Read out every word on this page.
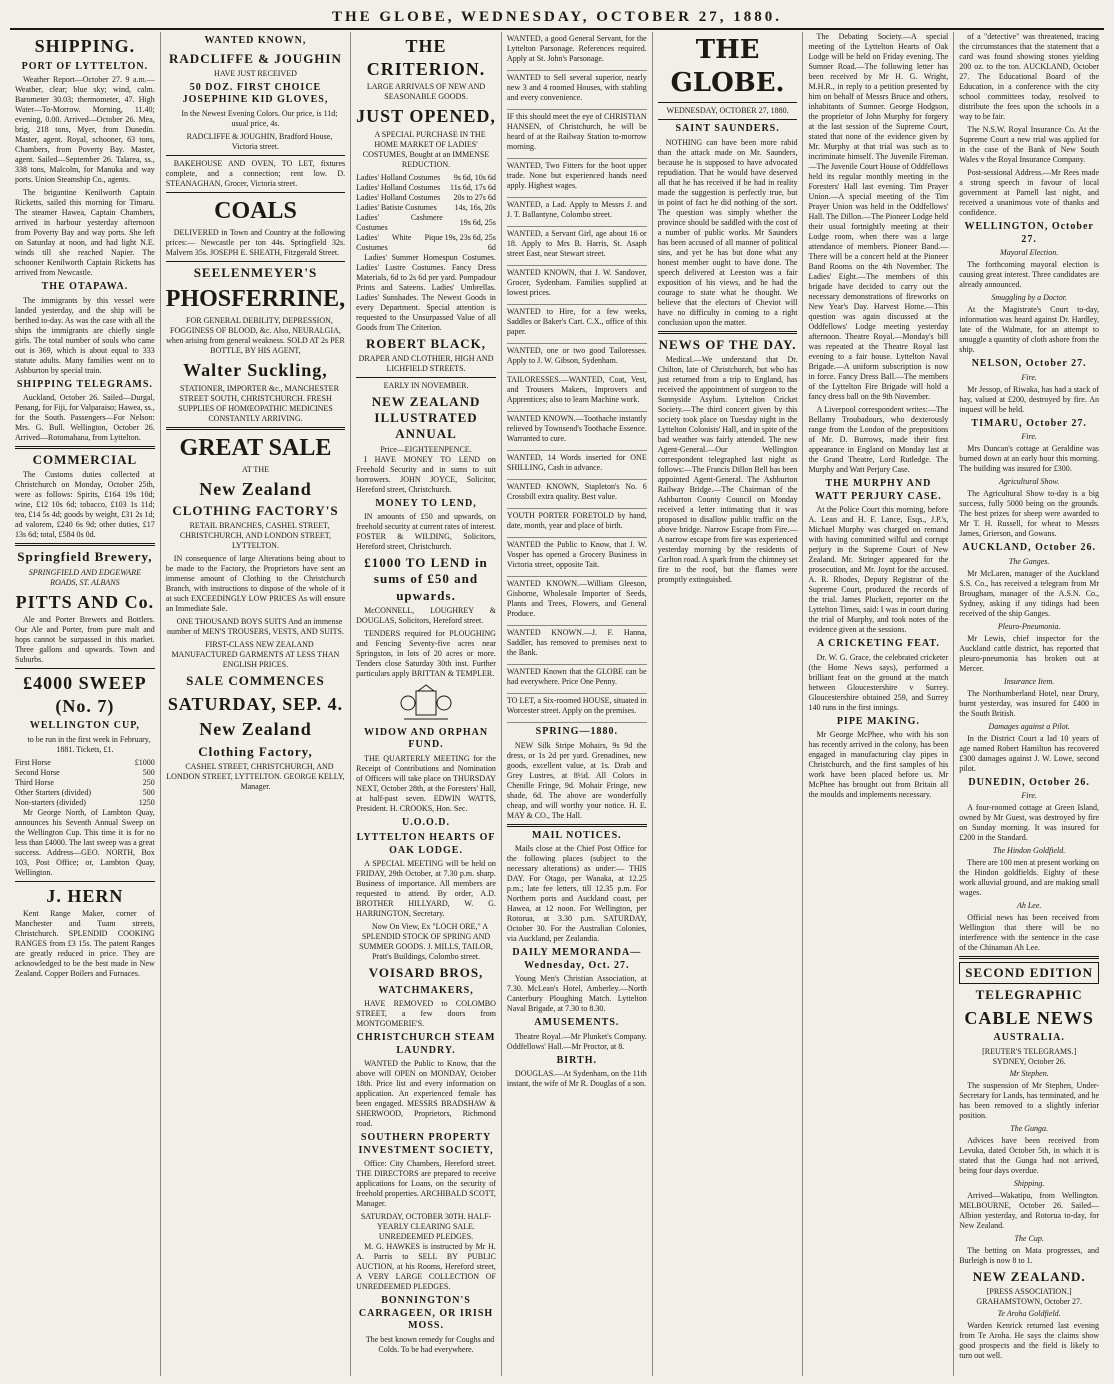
THE GLOBE, WEDNESDAY, OCTOBER 27, 1880.
SHIPPING.
PORT OF LYTTELTON.

Weather Report—October 27. 9 a.m.—Weather, clear; blue sky; wind, calm. Barometer 30.03; thermometer, 47. High Water—To-Morrow. Morning, 11.40; evening, 0.00. Arrived—October 26. Mea, brig, 218 tons, Myer, from Dunedin. Master, agent. Royal, schooner, 63 tons, Chambers, from Poverty Bay. Master, agent. Sailed—September 26. Talarea, ss., 338 tons, Malcolm, for Manuka and way ports. Union Steamship Co., agents.

The brigantine Kenilworth Captain Ricketts, sailed this morning for Timaru. The steamer Hawea, Captain Chambers, arrived in harbour yesterday afternoon from Poverty Bay and way ports. She left on Saturday at noon, and had light N.E. winds till she reached Napier. The schooner Kenilworth Captain Ricketts has arrived from Newcastle.

THE OTAPAWA.

The immigrants by this vessel were landed yesterday, and the ship will be berthed to-day. As was the case with all the ships the immigrants are chiefly single girls. The total number of souls who came out is 369, which is about equal to 333 statute adults. Many families went on to Ashburton by special train.

SHIPPING TELEGRAMS.

Auckland, October 26. Sailed—Durgal, Penang, for Fiji, for Valparaiso; Hawea, ss., for the South. Passengers—For Nelson: Mrs. G. Bull. Wellington, October 26. Arrived—Rotomahana, from Lyttelton.

COMMERCIAL

The Customs duties collected at Christchurch on Monday, October 25th, were as follows: Spirits, £164 19s 10d; wine, £12 10s 6d; tobacco, £103 1s 11d; tea, £14 5s 4d; goods by weight, £31 2s 1d; ad valorem, £240 6s 9d; other duties, £17 13s 6d; total, £584 0s 0d.

Springfield Brewery,
SPRINGFIELD AND EDGEWARE ROADS, ST. ALBANS
PITTS AND Co.

Ale and Porter Brewers and Bottlers. Our Ale and Porter, from pure malt and hops cannot be surpassed in this market. Three gallons and upwards. Town and Suburbs.

£4000 SWEEP (No. 7)
WELLINGTON CUP,

to be run in the first week in February, 1881. Tickets, £1.

First Horse	£1000
Second Horse	500
Third Horse	250
Other Starters (divided)	500
Non-starters (divided)	1250

Mr George North, of Lambton Quay, announces his Seventh Annual Sweep on the Wellington Cup. This time it is for no less than £4000. The last sweep was a great success. Address—GEO. NORTH, Box 103, Post Office; or, Lambton Quay, Wellington.

J. HERN

Kent Range Maker, corner of Manchester and Tuam streets, Christchurch. SPLENDID COOKING RANGES from £3 15s. The patent Ranges are greatly reduced in price. They are acknowledged to be the best made in New Zealand. Copper Boilers and Furnaces.

WANTED KNOWN,
RADCLIFFE & JOUGHIN
HAVE JUST RECEIVED
50 DOZ. FIRST CHOICE JOSEPHINE KID GLOVES,

In the Newest Evening Colors. Our price, is 11d; usual price, 4s.

RADCLIFFE & JOUGHIN, Bradford House, Victoria street.

BAKEHOUSE AND OVEN, TO LET, fixtures complete, and a connection; rent low. D. STEANAGHAN, Grocer, Victoria street.

COALS

DELIVERED in Town and Country at the following prices:— Newcastle per ton 44s. Springfield 32s. Malvern 35s. JOSEPH E. SHEATH, Fitzgerald Street.

SEELENMEYER'S
PHOSFERRINE,

FOR GENERAL DEBILITY, DEPRESSION, FOGGINESS OF BLOOD, &c. Also, NEURALGIA, when arising from general weakness. SOLD AT 2s PER BOTTLE, BY HIS AGENT,

Walter Suckling,

STATIONER, IMPORTER &c., MANCHESTER STREET SOUTH, CHRISTCHURCH. FRESH SUPPLIES OF HOMŒOPATHIC MEDICINES CONSTANTLY ARRIVING.

GREAT SALE
AT THE
New Zealand
CLOTHING FACTORY'S

RETAIL BRANCHES, CASHEL STREET, CHRISTCHURCH, AND LONDON STREET, LYTTELTON.

IN consequence of large Alterations being about to be made to the Factory, the Proprietors have sent an immense amount of Clothing to the Christchurch Branch, with instructions to dispose of the whole of it at such EXCEEDINGLY LOW PRICES As will ensure an Immediate Sale.

ONE THOUSAND BOYS SUITS And an immense number of MEN'S TROUSERS, VESTS, AND SUITS.

FIRST-CLASS NEW ZEALAND MANUFACTURED GARMENTS AT LESS THAN ENGLISH PRICES.

SALE COMMENCES
SATURDAY, SEP. 4.
New Zealand
Clothing Factory,

CASHEL STREET, CHRISTCHURCH, AND LONDON STREET, LYTTELTON. GEORGE KELLY, Manager.

THE CRITERION.
LARGE ARRIVALS OF NEW AND SEASONABLE GOODS.
JUST OPENED,

A SPECIAL PURCHASE IN THE HOME MARKET OF LADIES' COSTUMES, Bought at an IMMENSE REDUCTION.

Ladies' Holland Costumes	9s 6d, 10s 6d
Ladies' Holland Costumes	11s 6d, 17s 6d
Ladies' Holland Costumes	20s to 27s 6d
Ladies' Batiste Costumes	14s, 16s, 20s
Ladies' Cashmere Costumes	19s 6d, 25s
Ladies' White Pique Costumes	19s, 23s 6d, 25s 6d

Ladies' Summer Homespun Costumes. Ladies' Lustre Costumes. Fancy Dress Materials, 6d to 2s 6d per yard. Pompadour Prints and Sateens. Ladies' Umbrellas. Ladies' Sunshades. The Newest Goods in every Department. Special attention is requested to the Unsurpassed Value of all Goods from The Criterion.

ROBERT BLACK,
DRAPER AND CLOTHIER, HIGH AND LICHFIELD STREETS.
EARLY IN NOVEMBER.
NEW ZEALAND ILLUSTRATED ANNUAL
Price—EIGHTEENPENCE.

I HAVE MONEY TO LEND on Freehold Security and in sums to suit borrowers. JOHN JOYCE, Solicitor, Hereford street, Christchurch.

MONEY TO LEND,

IN amounts of £50 and upwards, on freehold security at current rates of interest. FOSTER & WILDING, Solicitors, Hereford street, Christchurch.

£1000 TO LEND in sums of £50 and upwards.

McCONNELL, LOUGHREY & DOUGLAS, Solicitors, Hereford street.

TENDERS required for PLOUGHING and Fencing Seventy-five acres near Springston, in lots of 20 acres or more. Tenders close Saturday 30th inst. Further particulars apply BRITTAN & TEMPLER.

WIDOW AND ORPHAN FUND.

THE QUARTERLY MEETING for the Receipt of Contributions and Nomination of Officers will take place on THURSDAY NEXT, October 28th, at the Foresters' Hall, at half-past seven. EDWIN WATTS, President. H. CROOKS, Hon. Sec.

U.O.O.D.
LYTTELTON HEARTS OF OAK LODGE.

A SPECIAL MEETING will be held on FRIDAY, 29th October, at 7.30 p.m. sharp. Business of importance. All members are requested to attend. By order, A.D. BROTHER HILLYARD, W. G. HARRINGTON, Secretary.

Now On View, Ex "LOCH ORE," A SPLENDID STOCK OF SPRING AND SUMMER GOODS. J. MILLS, TAILOR, Pratt's Buildings, Colombo street.

VOISARD BROS,
WATCHMAKERS,

HAVE REMOVED to COLOMBO STREET, a few doors from MONTGOMERIE'S.

CHRISTCHURCH STEAM LAUNDRY.

WANTED the Public to Know, that the above will OPEN on MONDAY, October 18th. Price list and every information on application. An experienced female has been engaged. MESSRS BRADSHAW & SHERWOOD, Proprietors, Richmond road.

SOUTHERN PROPERTY INVESTMENT SOCIETY,

Office: City Chambers, Hereford street. THE DIRECTORS are prepared to receive applications for Loans, on the security of freehold properties. ARCHIBALD SCOTT, Manager.

SATURDAY, OCTOBER 30TH. HALF-YEARLY CLEARING SALE. UNREDEEMED PLEDGES.

M. G. HAWKES is instructed by Mr H. A. Parris to SELL BY PUBLIC AUCTION, at his Rooms, Hereford street, A VERY LARGE COLLECTION OF UNREDEEMED PLEDGES.

BONNINGTON'S CARRAGEEN, OR IRISH MOSS.

The best known remedy for Coughs and Colds. To be had everywhere.

WANTED, a good General Servant, for the Lyttelton Parsonage. References required. Apply at St. John's Parsonage.

WANTED to Sell several superior, nearly new 3 and 4 roomed Houses, with stabling and every convenience.

IF this should meet the eye of CHRISTIAN HANSEN, of Christchurch, he will be heard of at the Railway Station to-morrow morning.

WANTED, Two Fitters for the boot upper trade. None but experienced hands need apply. Highest wages.

WANTED, a Lad. Apply to Messrs J. and J. T. Ballantyne, Colombo street.

WANTED, a Servant Girl, age about 16 or 18. Apply to Mrs B. Harris, St. Asaph street East, near Stewart street.

WANTED KNOWN, that J. W. Sandover, Grocer, Sydenham. Families supplied at lowest prices.

WANTED to Hire, for a few weeks, Saddles or Baker's Cart. C.X., office of this paper.

WANTED, one or two good Tailoresses. Apply to J. W. Gibson, Sydenham.

TAILORESSES.—WANTED, Coat, Vest, and Trousers Makers, Improvers and Apprentices; also to learn Machine work.

WANTED KNOWN.—Toothache instantly relieved by Townsend's Toothache Essence. Warranted to cure.

WANTED, 14 Words inserted for ONE SHILLING, Cash in advance.

WANTED KNOWN, Stapleton's No. 6 Crossbill extra quality. Best value.

YOUTH PORTER FORETOLD by hand, date, month, year and place of birth.

WANTED the Public to Know, that J. W. Vosper has opened a Grocery Business in Victoria street, opposite Tait.

WANTED KNOWN.—William Gleeson, Gisborne, Wholesale Importer of Seeds, Plants and Trees, Flowers, and General Produce.

WANTED KNOWN.—J. F. Hanna, Saddler, has removed to premises next to the Bank.

WANTED Known that the GLOBE can be had everywhere. Price One Penny.

TO LET, a Six-roomed HOUSE, situated in Worcester street. Apply on the premises.

SPRING—1880.

NEW Silk Stripe Mohairs, 9s 9d the dress, or 1s 2d per yard. Grenadines, new goods, excellent value, at 1s. Drab and Grey Lustres, at 8½d. All Colors in Chenille Fringe, 9d. Mohair Fringe, new shade, 6d. The above are wonderfully cheap, and will worthy your notice. H. E. MAY & CO., The Hall.

MAIL NOTICES.

Mails close at the Chief Post Office for the following places (subject to the necessary alterations) as under:— THIS DAY. For Otago, per Wanaka, at 12.25 p.m.; late fee letters, till 12.35 p.m. For Northern ports and Auckland coast, per Hawea, at 12 noon. For Wellington, per Rotorua, at 3.30 p.m. SATURDAY, October 30. For the Australian Colonies, via Auckland, per Zealandia.

DAILY MEMORANDA—Wednesday, Oct. 27.

Young Men's Christian Association, at 7.30. McLean's Hotel, Amberley.—North Canterbury Ploughing Match. Lyttelton Naval Brigade, at 7.30 to 8.30.

AMUSEMENTS.

Theatre Royal.—Mr Plunket's Company. Oddfellows' Hall.—Mr Proctor, at 8.

BIRTH.

DOUGLAS.—At Sydenham, on the 11th instant, the wife of Mr R. Douglas of a son.

THE GLOBE.
WEDNESDAY, OCTOBER 27, 1880.
SAINT SAUNDERS.

NOTHING can have been more rabid than the attack made on Mr. Saunders, because he is supposed to have advocated repudiation. That he would have deserved all that he has received if he had in reality made the suggestion is perfectly true, but in point of fact he did nothing of the sort. The question was simply whether the province should be saddled with the cost of a number of public works. Mr Saunders has been accused of all manner of political sins, and yet he has but done what any honest member ought to have done. The speech delivered at Leeston was a fair exposition of his views, and he had the courage to state what he thought. We believe that the electors of Cheviot will have no difficulty in coming to a right conclusion upon the matter.

NEWS OF THE DAY.

Medical.—We understand that Dr. Chilton, late of Christchurch, but who has just returned from a trip to England, has received the appointment of surgeon to the Sunnyside Asylum. Lyttelton Cricket Society.—The third concert given by this society took place on Tuesday night in the Lyttelton Colonists' Hall, and in spite of the bad weather was fairly attended. The new Agent-General.—Our Wellington correspondent telegraphed last night as follows:—The Francis Dillon Bell has been appointed Agent-General. The Ashburton Railway Bridge.—The Chairman of the Ashburton County Council on Monday received a letter intimating that it was proposed to disallow public traffic on the above bridge. Narrow Escape from Fire.—A narrow escape from fire was experienced yesterday morning by the residents of Carlton road. A spark from the chimney set fire to the roof, but the flames were promptly extinguished.

The Debating Society.—A special meeting of the Lyttelton Hearts of Oak Lodge will be held on Friday evening. The Sumner Road.—The following letter has been received by Mr H. G. Wright, M.H.R., in reply to a petition presented by him on behalf of Messrs Bruce and others, inhabitants of Sumner. George Hodgson, the proprietor of John Murphy for forgery at the last session of the Supreme Court, stated that none of the evidence given by Mr. Murphy at that trial was such as to incriminate himself. The Juvenile Fireman.—The Juvenile Court House of Oddfellows held its regular monthly meeting in the Foresters' Hall last evening. Tim Prayer Union.—A special meeting of the Tim Prayer Union was held in the Oddfellows' Hall. The Dillon.—The Pioneer Lodge held their usual fortnightly meeting at their Lodge room, when there was a large attendance of members. Pioneer Band.—There will be a concert held at the Pioneer Band Rooms on the 4th November. The Ladies' Eight.—The members of this brigade have decided to carry out the necessary demonstrations of fireworks on New Year's Day. Harvest Home.—This question was again discussed at the Oddfellows' Lodge meeting yesterday afternoon. Theatre Royal.—Monday's bill was repeated at the Theatre Royal last evening to a fair house. Lyttelton Naval Brigade.—A uniform subscription is now in force. Fancy Dress Ball.—The members of the Lyttelton Fire Brigade will hold a fancy dress ball on the 9th November.

A Liverpool correspondent writes:—The Bellamy Troubadours, who dexterously range from the London of the prepositions of Mr. D. Burrows, made their first appearance in England on Monday last at the Grand Theatre, Lord Rutledge. The Murphy and Watt Perjury Case.

THE MURPHY AND WATT PERJURY CASE.

At the Police Court this morning, before A. Lean and H. F. Lance, Esqs., J.P.'s, Michael Murphy was charged on remand with having committed wilful and corrupt perjury in the Supreme Court of New Zealand. Mr. Stringer appeared for the prosecution, and Mr. Joynt for the accused. A. R. Rhodes, Deputy Registrar of the Supreme Court, produced the records of the trial. James Pluckett, reporter on the Lyttelton Times, said: I was in court during the trial of Murphy, and took notes of the evidence given at the sessions.

A CRICKETING FEAT.

Dr. W. G. Grace, the celebrated cricketer (the Home News says), performed a brilliant feat on the ground at the match between Gloucestershire v Surrey. Gloucestershire obtained 259, and Surrey 140 runs in the first innings.

PIPE MAKING.

Mr George McPhee, who with his son has recently arrived in the colony, has been engaged in manufacturing clay pipes in Christchurch, and the first samples of his work have been placed before us. Mr McPhee has brought out from Britain all the moulds and implements necessary.

of a "detective" was threatened, tracing the circumstances that the statement that a card was found showing stones yielding 200 oz. to the ton. AUCKLAND, October 27. The Educational Board of the Education, in a conference with the city school committees today, resolved to distribute the fees upon the schools in a way to be fair.

The N.S.W. Royal Insurance Co. At the Supreme Court a new trial was applied for in the case of the Bank of New South Wales v the Royal Insurance Company.

Post-sessional Address.—Mr Rees made a strong speech in favour of local government at Parnell last night, and received a unanimous vote of thanks and confidence.

WELLINGTON, October 27.
Mayoral Election.

The forthcoming mayoral election is causing great interest. Three candidates are already announced.

Smuggling by a Doctor.

At the Magistrate's Court to-day, information was heard against Dr. Hardley, late of the Walmate, for an attempt to smuggle a quantity of cloth ashore from the ship.

NELSON, October 27.
Fire.

Mr Jessop, of Riwaka, has had a stack of hay, valued at £200, destroyed by fire. An inquest will be held.

TIMARU, October 27.
Fire.

Mrs Duncan's cottage at Geraldine was burned down at an early hour this morning. The building was insured for £300.

Agricultural Show.

The Agricultural Show to-day is a big success, fully 5000 being on the grounds. The best prizes for sheep were awarded to Mr T. H. Russell, for wheat to Messrs James, Grierson, and Gowans.

AUCKLAND, October 26.
The Ganges.

Mr McLaren, manager of the Auckland S.S. Co., has received a telegram from Mr Brougham, manager of the A.S.N. Co., Sydney, asking if any tidings had been received of the ship Ganges.

Pleuro-Pneumonia.

Mr Lewis, chief inspector for the Auckland cattle district, has reported that pleuro-pneumonia has broken out at Mercer.

Insurance Item.

The Northumberland Hotel, near Drury, burnt yesterday, was insured for £400 in the South British.

Damages against a Pilot.

In the District Court a lad 10 years of age named Robert Hamilton has recovered £300 damages against J. W. Lowe, second pilot.

DUNEDIN, October 26.
Fire.

A four-roomed cottage at Green Island, owned by Mr Guest, was destroyed by fire on Sunday morning. It was insured for £200 in the Standard.

The Hindon Goldfield.

There are 100 men at present working on the Hindon goldfields. Eighty of these work alluvial ground, and are making small wages.

Ah Lee.

Official news has been received from Wellington that there will be no interference with the sentence in the case of the Chinaman Ah Lee.

SECOND EDITION
TELEGRAPHIC
CABLE NEWS
AUSTRALIA.
[REUTER'S TELEGRAMS.]
SYDNEY, October 26.
Mr Stephen.

The suspension of Mr Stephen, Under-Secretary for Lands, has terminated, and he has been removed to a slightly inferior position.

The Gunga.

Advices have been received from Levuka, dated October 5th, in which it is stated that the Gunga had not arrived, being four days overdue.

Shipping.

Arrived—Wakatipu, from Wellington. MELBOURNE, October 26. Sailed—Albion yesterday, and Rotorua to-day, for New Zealand.

The Cup.

The betting on Mata progresses, and Burleigh is now 8 to 1.

NEW ZEALAND.
[PRESS ASSOCIATION.] GRAHAMSTOWN, October 27.
Te Aroha Goldfield.

Warden Kenrick returned last evening from Te Aroha. He says the claims show good prospects and the field is likely to turn out well.
